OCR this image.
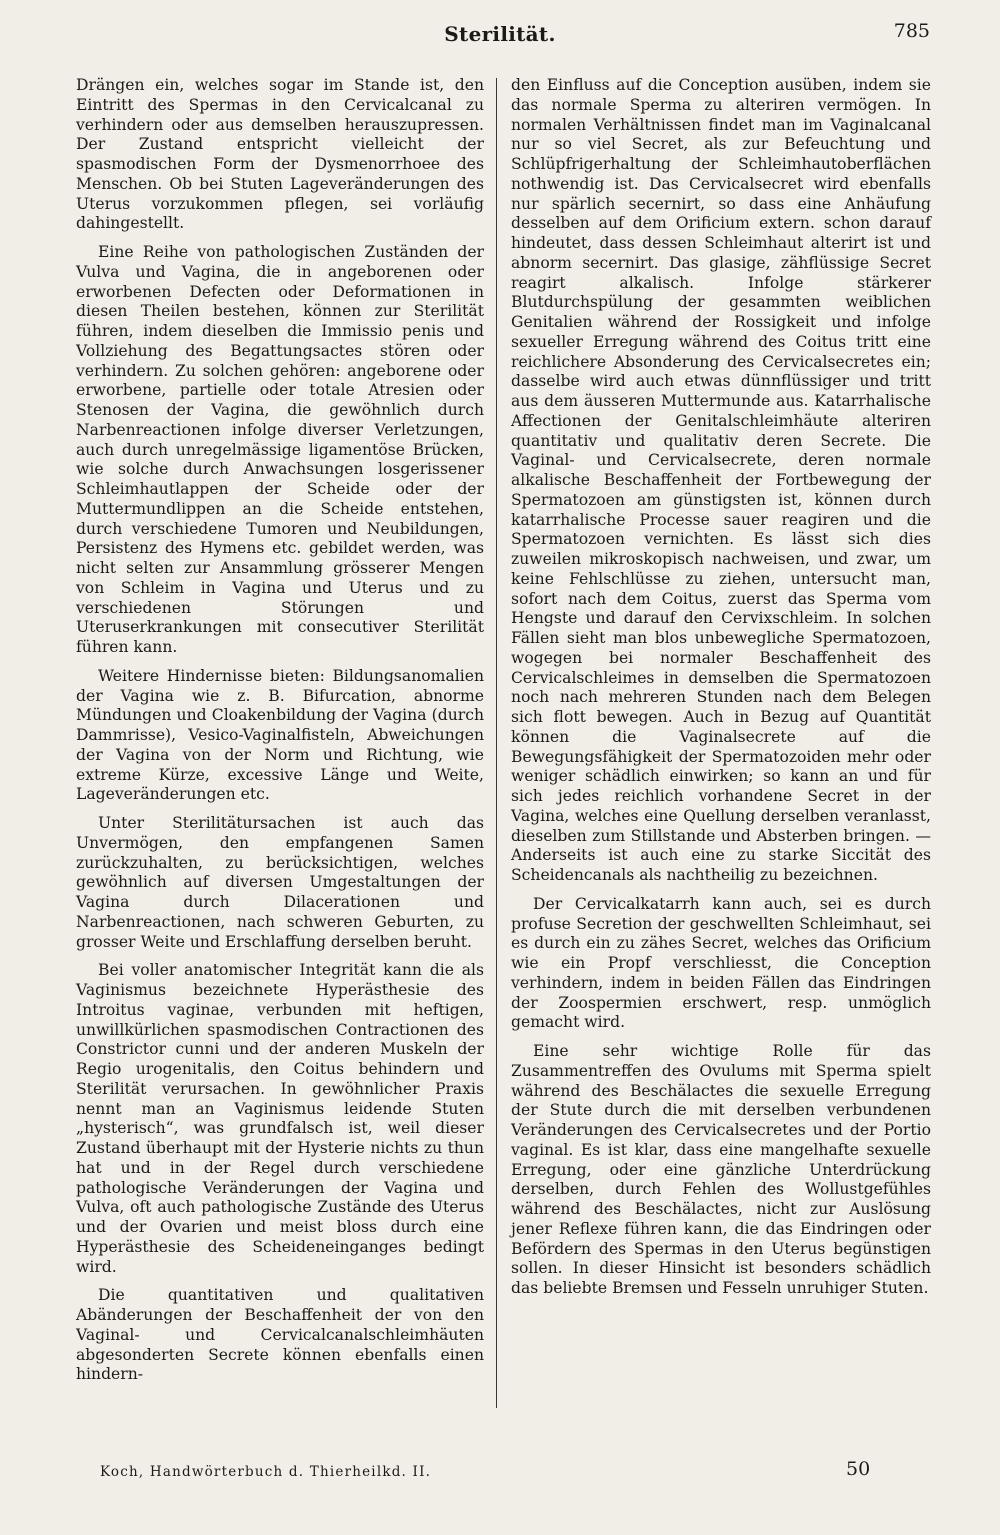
Sterilität.	785

Drängen ein, welches sogar im Stande ist, den Eintritt des Spermas in den Cervicalcanal zu verhindern oder aus demselben herauszupressen. Der Zustand entspricht vielleicht der spasmodischen Form der Dysmenorrhoee des Menschen. Ob bei Stuten Lageveränderungen des Uterus vorzukommen pflegen, sei vorläufig dahingestellt.

Eine Reihe von pathologischen Zuständen der Vulva und Vagina, die in angeborenen oder erworbenen Defecten oder Deformationen in diesen Theilen bestehen, können zur Sterilität führen, indem dieselben die Immissio penis und Vollziehung des Begattungsactes stören oder verhindern. Zu solchen gehören: angeborene oder erworbene, partielle oder totale Atresien oder Stenosen der Vagina, die gewöhnlich durch Narbenreactionen infolge diverser Verletzungen, auch durch unregelmässige ligamentöse Brücken, wie solche durch Anwachsungen losgerissener Schleimhautlappen der Scheide oder der Muttermundlippen an die Scheide entstehen, durch verschiedene Tumoren und Neubildungen, Persistenz des Hymens etc. gebildet werden, was nicht selten zur Ansammlung grösserer Mengen von Schleim in Vagina und Uterus und zu verschiedenen Störungen und Uteruserkrankungen mit consecutiver Sterilität führen kann.

Weitere Hindernisse bieten: Bildungsanomalien der Vagina wie z. B. Bifurcation, abnorme Mündungen und Cloakenbildung der Vagina (durch Dammrisse), Vesico-Vaginalfisteln, Abweichungen der Vagina von der Norm und Richtung, wie extreme Kürze, excessive Länge und Weite, Lageveränderungen etc.

Unter Sterilitätursachen ist auch das Unvermögen, den empfangenen Samen zurückzuhalten, zu berücksichtigen, welches gewöhnlich auf diversen Umgestaltungen der Vagina durch Dilacerationen und Narbenreactionen, nach schweren Geburten, zu grosser Weite und Erschlaffung derselben beruht.

Bei voller anatomischer Integrität kann die als Vaginismus bezeichnete Hyperästhesie des Introitus vaginae, verbunden mit heftigen, unwillkürlichen spasmodischen Contractionen des Constrictor cunni und der anderen Muskeln der Regio urogenitalis, den Coitus behindern und Sterilität verursachen. In gewöhnlicher Praxis nennt man an Vaginismus leidende Stuten „hysterisch“, was grundfalsch ist, weil dieser Zustand überhaupt mit der Hysterie nichts zu thun hat und in der Regel durch verschiedene pathologische Veränderungen der Vagina und Vulva, oft auch pathologische Zustände des Uterus und der Ovarien und meist bloss durch eine Hyperästhesie des Scheideneinganges bedingt wird.

Die quantitativen und qualitativen Abänderungen der Beschaffenheit der von den Vaginal- und Cervicalcanalschleimhäuten abgesonderten Secrete können ebenfalls einen hindern-

den Einfluss auf die Conception ausüben, indem sie das normale Sperma zu alteriren vermögen. In normalen Verhältnissen findet man im Vaginalcanal nur so viel Secret, als zur Befeuchtung und Schlüpfrigerhaltung der Schleimhautoberflächen nothwendig ist. Das Cervicalsecret wird ebenfalls nur spärlich secernirt, so dass eine Anhäufung desselben auf dem Orificium extern. schon darauf hindeutet, dass dessen Schleimhaut alterirt ist und abnorm secernirt. Das glasige, zähflüssige Secret reagirt alkalisch. Infolge stärkerer Blutdurchspülung der gesammten weiblichen Genitalien während der Rossigkeit und infolge sexueller Erregung während des Coitus tritt eine reichlichere Absonderung des Cervicalsecretes ein; dasselbe wird auch etwas dünnflüssiger und tritt aus dem äusseren Muttermunde aus. Katarrhalische Affectionen der Genitalschleimhäute alteriren quantitativ und qualitativ deren Secrete. Die Vaginal- und Cervicalsecrete, deren normale alkalische Beschaffenheit der Fortbewegung der Spermatozoen am günstigsten ist, können durch katarrhalische Processe sauer reagiren und die Spermatozoen vernichten. Es lässt sich dies zuweilen mikroskopisch nachweisen, und zwar, um keine Fehlschlüsse zu ziehen, untersucht man, sofort nach dem Coitus, zuerst das Sperma vom Hengste und darauf den Cervixschleim. In solchen Fällen sieht man blos unbewegliche Spermatozoen, wogegen bei normaler Beschaffenheit des Cervicalschleimes in demselben die Spermatozoen noch nach mehreren Stunden nach dem Belegen sich flott bewegen. Auch in Bezug auf Quantität können die Vaginalsecrete auf die Bewegungsfähigkeit der Spermatozoiden mehr oder weniger schädlich einwirken; so kann an und für sich jedes reichlich vorhandene Secret in der Vagina, welches eine Quellung derselben veranlasst, dieselben zum Stillstande und Absterben bringen. — Anderseits ist auch eine zu starke Siccität des Scheidencanals als nachtheilig zu bezeichnen.

Der Cervicalkatarrh kann auch, sei es durch profuse Secretion der geschwellten Schleimhaut, sei es durch ein zu zähes Secret, welches das Orificium wie ein Propf verschliesst, die Conception verhindern, indem in beiden Fällen das Eindringen der Zoospermien erschwert, resp. unmöglich gemacht wird.

Eine sehr wichtige Rolle für das Zusammentreffen des Ovulums mit Sperma spielt während des Beschälactes die sexuelle Erregung der Stute durch die mit derselben verbundenen Veränderungen des Cervicalsecretes und der Portio vaginal. Es ist klar, dass eine mangelhafte sexuelle Erregung, oder eine gänzliche Unterdrückung derselben, durch Fehlen des Wollustgefühles während des Beschälactes, nicht zur Auslösung jener Reflexe führen kann, die das Eindringen oder Befördern des Spermas in den Uterus begünstigen sollen. In dieser Hinsicht ist besonders schädlich das beliebte Bremsen und Fesseln unruhiger Stuten.

Koch, Handwörterbuch d. Thierheilkd. II.	50
